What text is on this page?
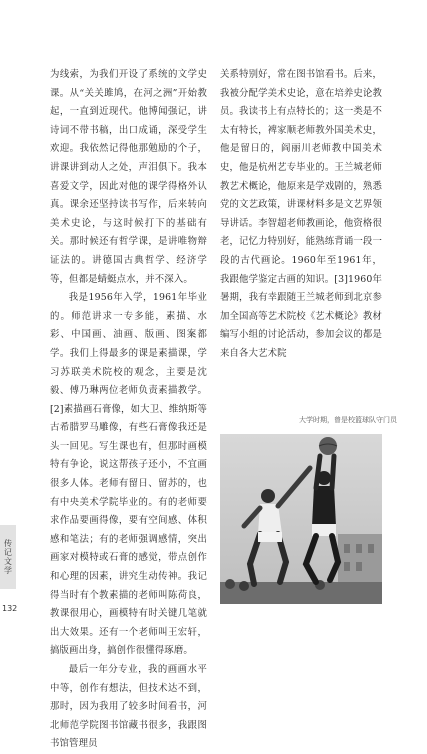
为线索，为我们开设了系统的文学史课。从“关关雎鸠，在河之洲”开始教起，一直到近现代。他博闻强记，讲诗词不带书稿，出口成诵，深受学生欢迎。我依然记得他那勉励的个子，讲课讲到动人之处，声泪俱下。我本喜爱文学，因此对他的课学得格外认真。课余还坚持读书写作，后来转向美术史论，与这时候打下的基础有关。那时候还有哲学课，是讲唯物辩证法的。讲德国古典哲学、经济学等，但都是蜻蜓点水，并不深入。

我是1956年入学，1961年毕业的。师范讲求一专多能，素描、水彩、中国画、油画、版画、图案都学。我们上得最多的课是素描课，学习苏联美术院校的观念，主要是沈毅、傅乃琳两位老师负责素描教学。[2]素描画石膏像，如大卫、维纳斯等古希腊罗马雕像，有些石膏像我还是头一回见。写生课也有，但那时画模特有争论，说这帮孩子还小，不宜画很多人体。老师有留日、留苏的，也有中央美术学院毕业的。有的老师要求作品要画得像，要有空间感、体积感和笔法；有的老师强调感情，突出画家对模特或石膏的感觉，带点创作和心理的因素，讲究生动传神。我记得当时有个教素描的老师叫陈荷良，教课很用心，画模特有时关键几笔就出大效果。还有一个老师叫王宏轩，搞版画出身，搞创作很懂得琢磨。

最后一年分专业，我的画画水平中等，创作有想法，但技术达不到，那时，因为我用了较多时间看书，河北师范学院图书馆藏书很多，我跟图书馆管理员

关系特别好，常在图书馆看书。后来，我被分配学美术史论，意在培养史论教员。我读书上有点特长的；这一类是不太有特长，裨家顺老师教外国美术史，他是留日的，阎丽川老师教中国美术史，他是杭州艺专毕业的。王兰城老师教艺术概论，他原来是学戏剧的，熟悉党的文艺政策，讲课材料多是文艺界领导讲话。李智超老师教画论，他资格很老，记忆力特别好，能熟练背诵一段一段的古代画论。1960年至1961年，我跟他学鉴定古画的知识。[3]1960年暑期，我有幸跟随王兰城老师到北京参加全国高等艺术院校《艺术概论》教材编写小组的讨论活动，参加会议的都是来自各大艺术院

大学时期，曾是校篮球队守门员
传记文学
132
